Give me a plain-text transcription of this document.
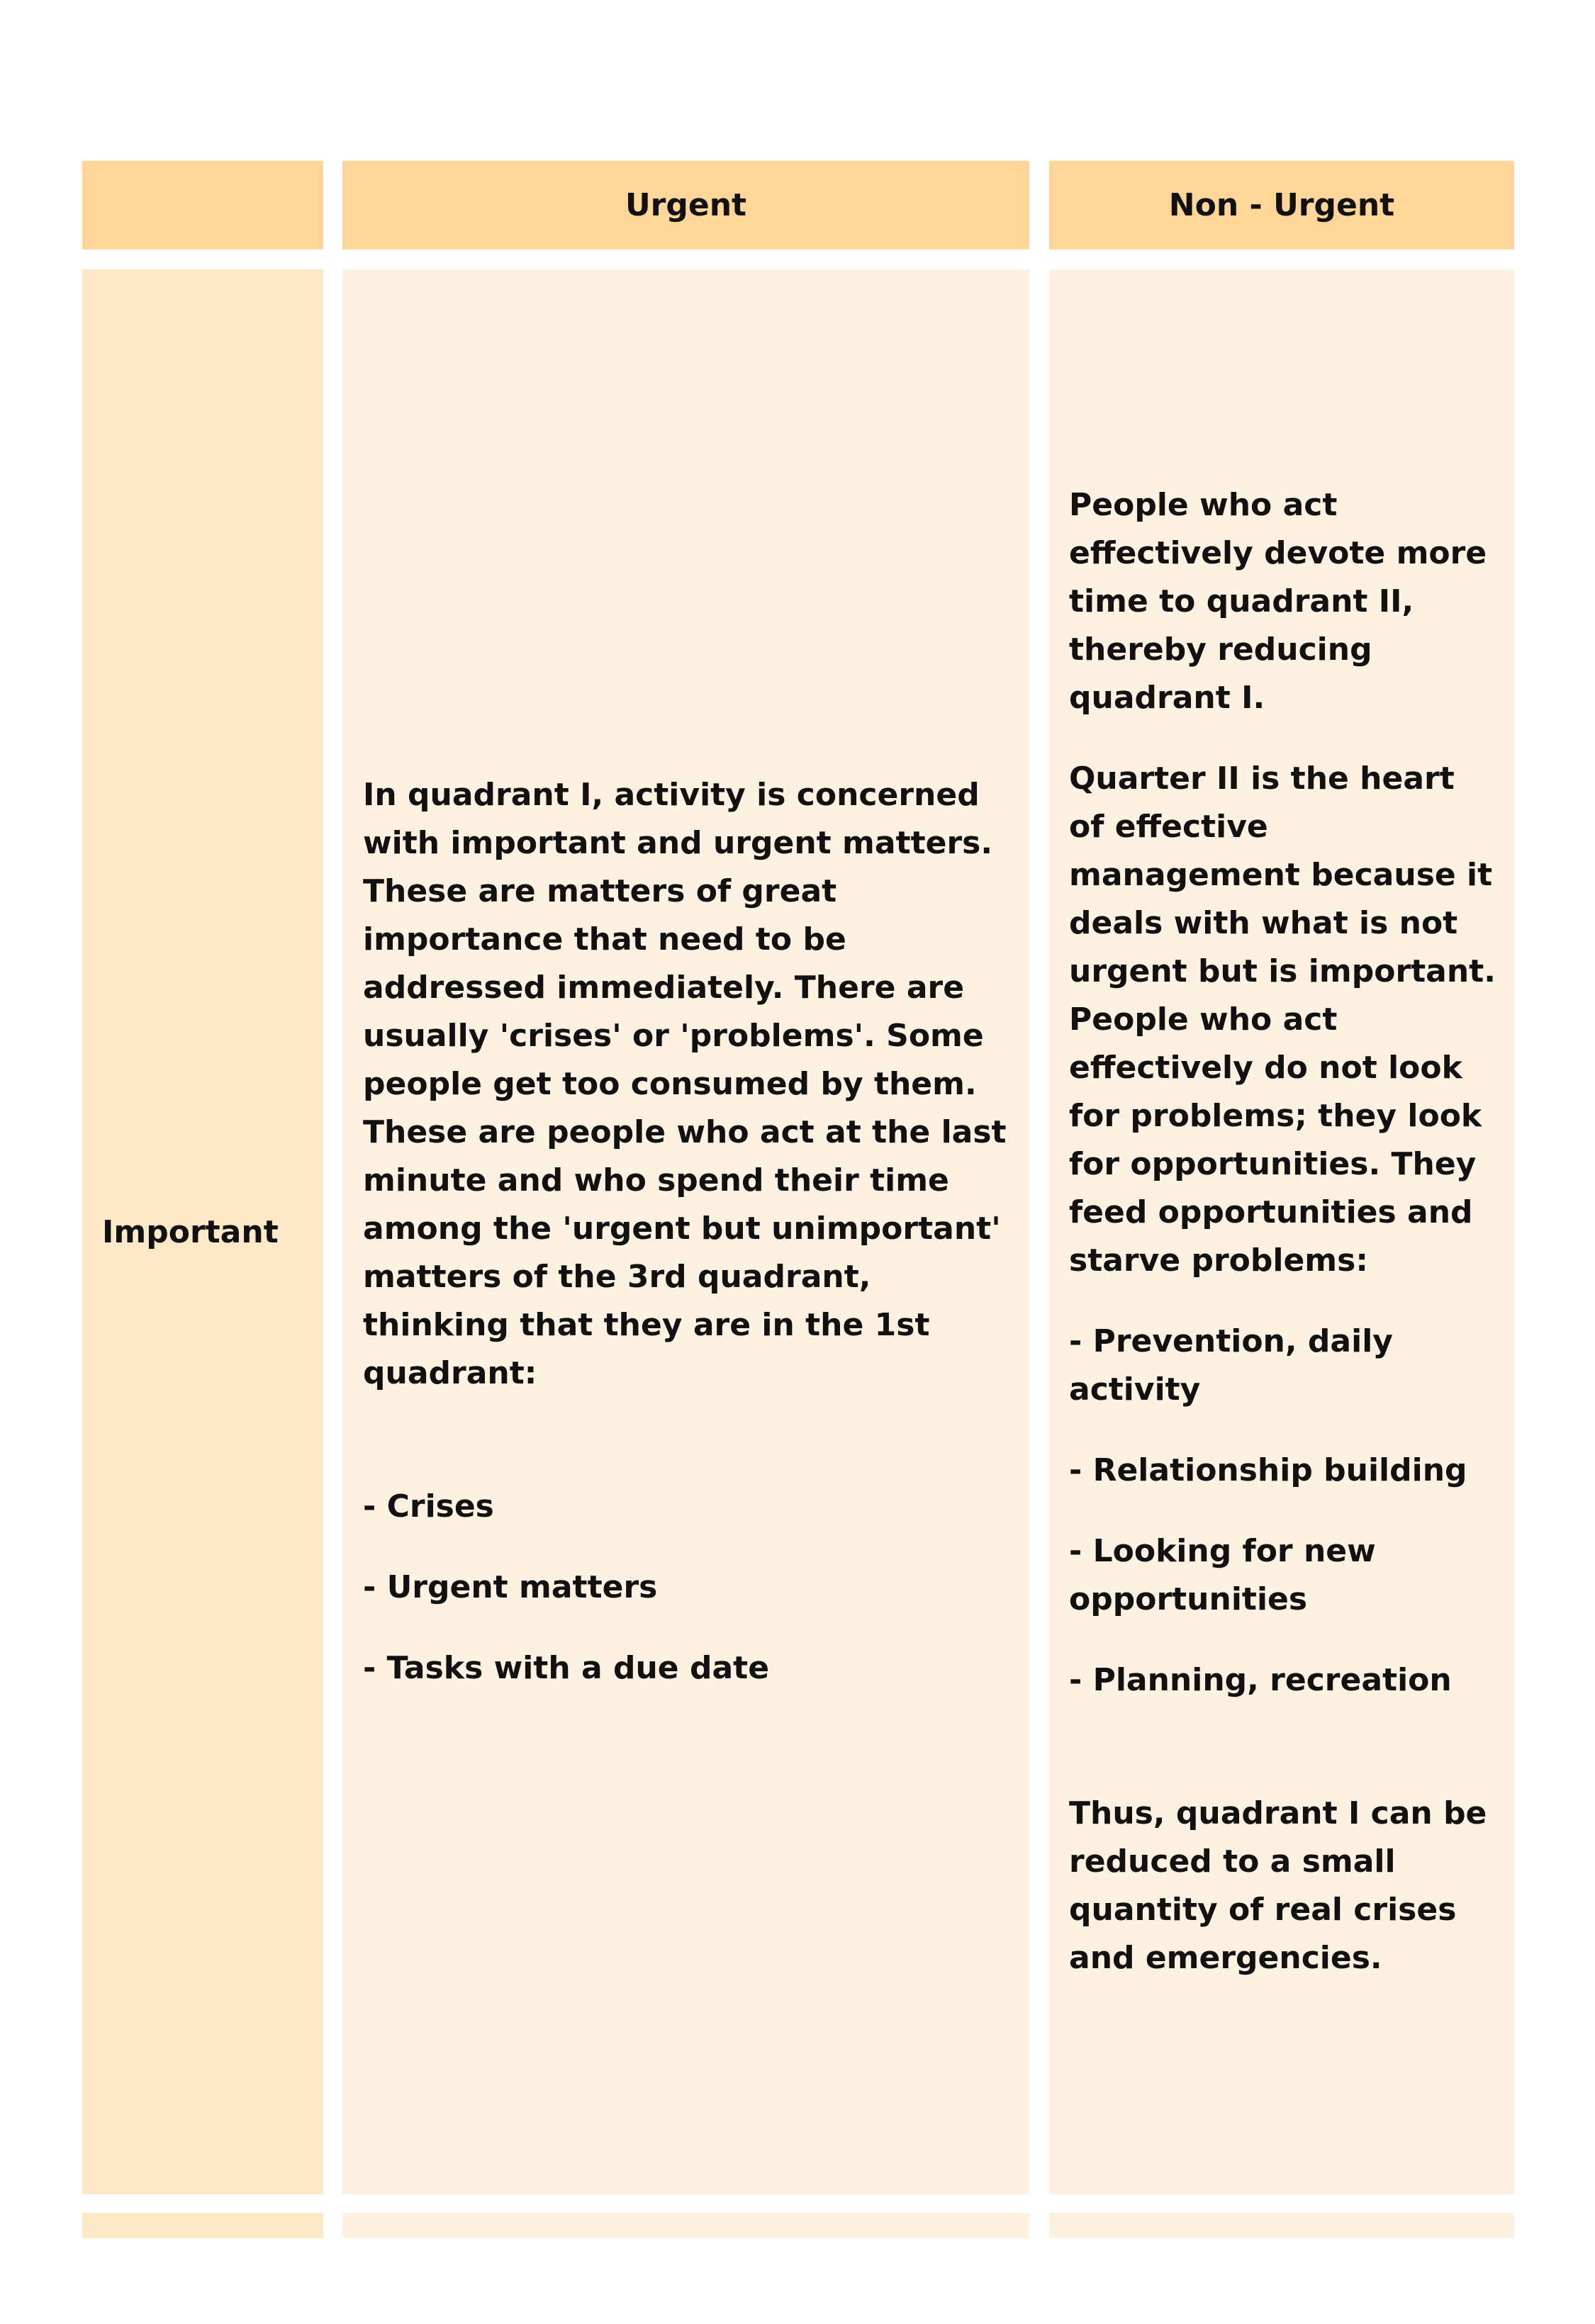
Urgent	Non - Urgent
Important

In quadrant I, activity is concerned with important and urgent matters. These are matters of great importance that need to be addressed immediately. There are usually 'crises' or 'problems'. Some people get too consumed by them. These are people who act at the last minute and who spend their time among the 'urgent but unimportant' matters of the 3rd quadrant, thinking that they are in the 1st quadrant:

- Crises

- Urgent matters

- Tasks with a due date

People who act effectively devote more time to quadrant II, thereby reducing quadrant I.

Quarter II is the heart of effective management because it deals with what is not urgent but is important. People who act effectively do not look for problems; they look for opportunities. They feed opportunities and starve problems:

- Prevention, daily activity

- Relationship building

- Looking for new opportunities

- Planning, recreation

Thus, quadrant I can be reduced to a small quantity of real crises and emergencies.
